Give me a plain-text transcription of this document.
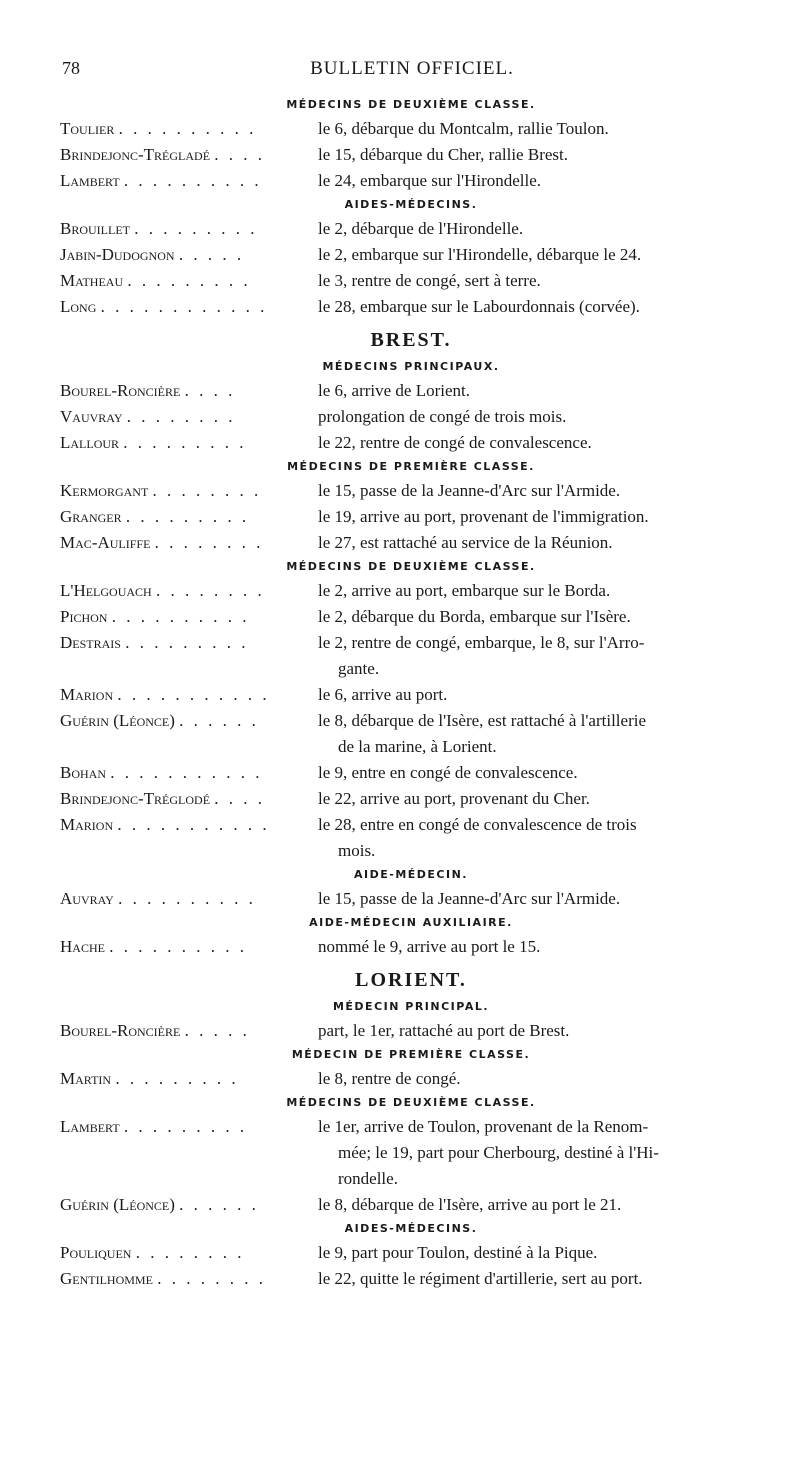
78	BULLETIN OFFICIEL.
MÉDECINS DE DEUXIÈME CLASSE.
Toulier . . . . . . . . . .	le 6, débarque du Montcalm, rallie Toulon.
Brindejonc-Trégladé . . . .	le 15, débarque du Cher, rallie Brest.
Lambert . . . . . . . . . .	le 24, embarque sur l'Hirondelle.
AIDES-MÉDECINS.
Brouillet . . . . . . . . .	le 2, débarque de l'Hirondelle.
Jabin-Dudognon . . . . .	le 2, embarque sur l'Hirondelle, débarque le 24.
Matheau . . . . . . . . .	le 3, rentre de congé, sert à terre.
Long . . . . . . . . . . . .	le 28, embarque sur le Labourdonnais (corvée).
BREST.
MÉDECINS PRINCIPAUX.
Bourel-Roncière . . . .	le 6, arrive de Lorient.
Vauvray . . . . . . . .	prolongation de congé de trois mois.
Lallour . . . . . . . . .	le 22, rentre de congé de convalescence.
MÉDECINS DE PREMIÈRE CLASSE.
Kermorgant . . . . . . . .	le 15, passe de la Jeanne-d'Arc sur l'Armide.
Granger . . . . . . . . .	le 19, arrive au port, provenant de l'immigration.
Mac-Auliffe . . . . . . . .	le 27, est rattaché au service de la Réunion.
MÉDECINS DE DEUXIÈME CLASSE.
L'Helgouach . . . . . . . .	le 2, arrive au port, embarque sur le Borda.
Pichon . . . . . . . . . .	le 2, débarque du Borda, embarque sur l'Isère.
Destrais . . . . . . . . .	le 2, rentre de congé, embarque, le 8, sur l'Arro-
gante.
Marion . . . . . . . . . . .	le 6, arrive au port.
Guérin (Léonce) . . . . . .	le 8, débarque de l'Isère, est rattaché à l'artillerie
de la marine, à Lorient.
Bohan . . . . . . . . . . .	le 9, entre en congé de convalescence.
Brindejonc-Tréglodé . . . .	le 22, arrive au port, provenant du Cher.
Marion . . . . . . . . . . .	le 28, entre en congé de convalescence de trois
mois.
AIDE-MÉDECIN.
Auvray . . . . . . . . . .	le 15, passe de la Jeanne-d'Arc sur l'Armide.
AIDE-MÉDECIN AUXILIAIRE.
Hache . . . . . . . . . .	nommé le 9, arrive au port le 15.
LORIENT.
MÉDECIN PRINCIPAL.
Bourel-Roncière . . . . .	part, le 1er, rattaché au port de Brest.
MÉDECIN DE PREMIÈRE CLASSE.
Martin . . . . . . . . .	le 8, rentre de congé.
MÉDECINS DE DEUXIÈME CLASSE.
Lambert . . . . . . . . .	le 1er, arrive de Toulon, provenant de la Renom-
mée; le 19, part pour Cherbourg, destiné à l'Hi-
rondelle.
Guérin (Léonce) . . . . . .	le 8, débarque de l'Isère, arrive au port le 21.
AIDES-MÉDECINS.
Pouliquen . . . . . . . .	le 9, part pour Toulon, destiné à la Pique.
Gentilhomme . . . . . . . .	le 22, quitte le régiment d'artillerie, sert au port.
